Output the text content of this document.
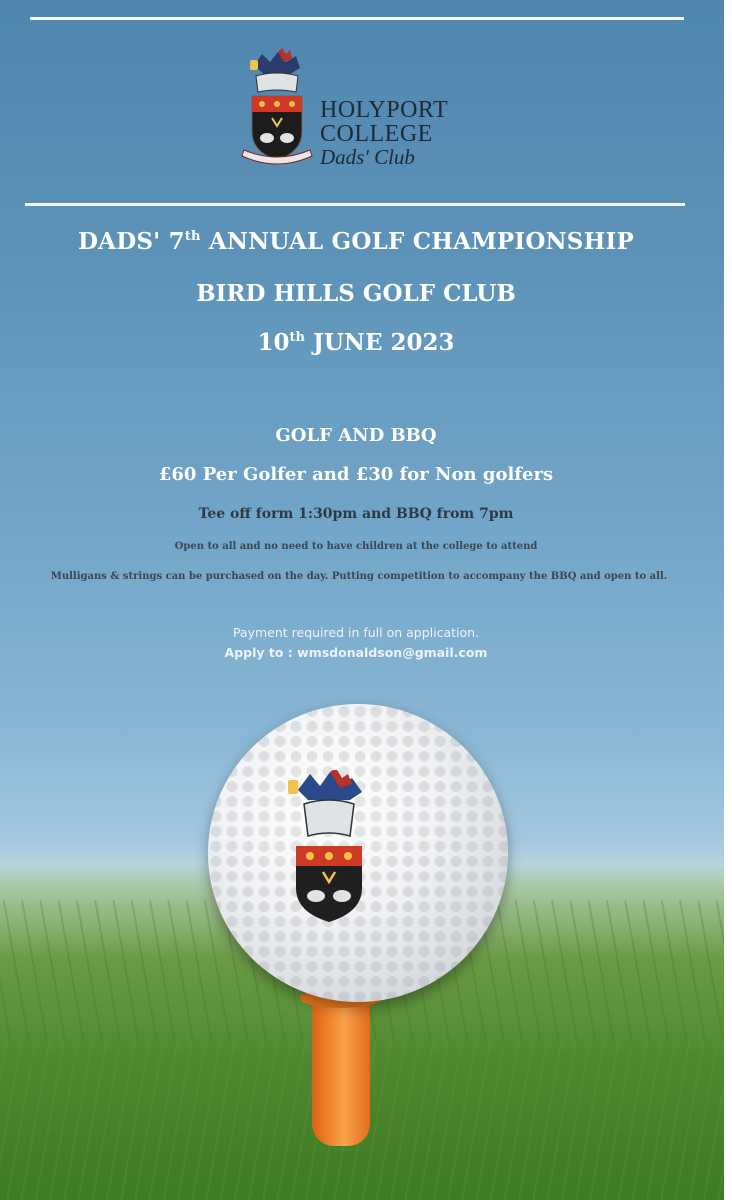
HOLYPORT
COLLEGE
Dads' Club
DADS' 7th ANNUAL GOLF CHAMPIONSHIP
BIRD HILLS GOLF CLUB
10th JUNE 2023
GOLF AND BBQ
£60 Per Golfer and £30 for Non golfers
Tee off form 1:30pm and BBQ from 7pm
Open to all and no need to have children at the college to attend
Mulligans & strings can be purchased on the day. Putting competition to accompany the BBQ and open to all.
Payment required in full on application.
Apply to : wmsdonaldson@gmail.com
